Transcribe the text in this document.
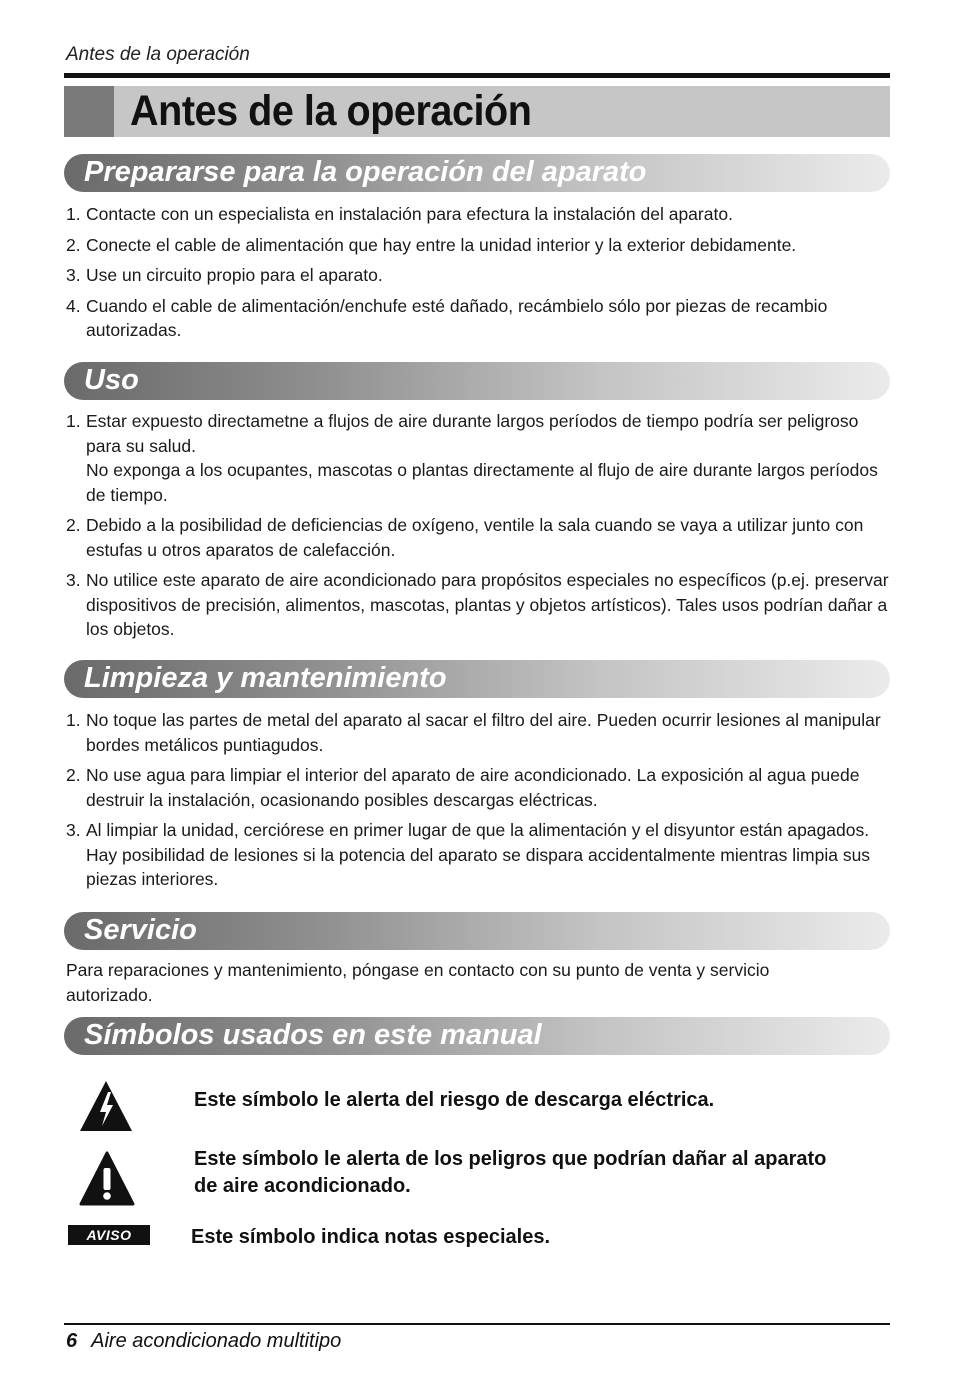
Antes de la operación
Antes de la operación
Prepararse para la operación del aparato
1. Contacte con un especialista en instalación para efectura la instalación del aparato.
2. Conecte el cable de alimentación que hay entre la unidad interior y la exterior debidamente.
3. Use un circuito propio para el aparato.
4. Cuando el cable de alimentación/enchufe esté dañado, recámbielo sólo por piezas de recambio autorizadas.
Uso
1. Estar expuesto directametne a flujos de aire durante largos períodos de tiempo podría ser peligroso para su salud.
No exponga a los ocupantes, mascotas o plantas directamente al flujo de aire durante largos períodos de tiempo.
2. Debido a la posibilidad de deficiencias de oxígeno, ventile la sala cuando se vaya a utilizar junto con estufas u otros aparatos de calefacción.
3. No utilice este aparato de aire acondicionado para propósitos especiales no específicos (p.ej. preservar dispositivos de precisión, alimentos, mascotas, plantas y objetos artísticos). Tales usos podrían dañar a los objetos.
Limpieza y mantenimiento
1. No toque las partes de metal del aparato al sacar el filtro del aire. Pueden ocurrir lesiones al manipular bordes metálicos puntiagudos.
2. No use agua para limpiar el interior del aparato de aire acondicionado. La exposición al agua puede destruir la instalación, ocasionando posibles descargas eléctricas.
3. Al limpiar la unidad, cerciórese en primer lugar de que la alimentación y el disyuntor están apagados. Hay posibilidad de lesiones si la potencia del aparato se dispara accidentalmente mientras limpia sus piezas interiores.
Servicio
Para reparaciones y mantenimiento, póngase en contacto con su punto de venta y servicio autorizado.
Símbolos usados en este manual
Este símbolo le alerta del riesgo de descarga eléctrica.
Este símbolo le alerta de los peligros que podrían dañar al aparato de aire acondicionado.
AVISO	Este símbolo indica notas especiales.
6 Aire acondicionado multitipo
